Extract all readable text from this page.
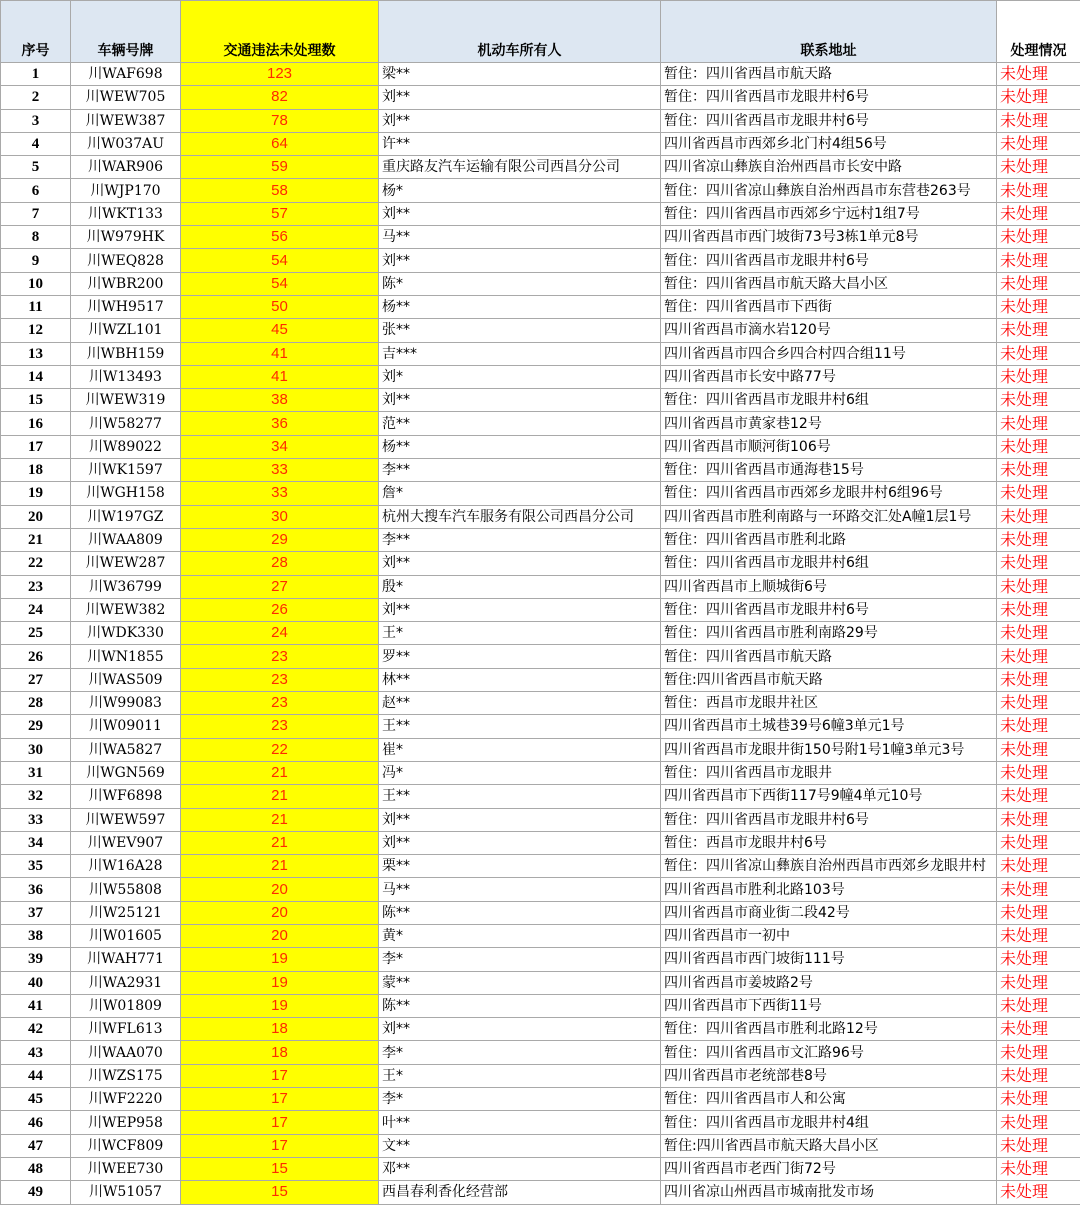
序号	车辆号牌	交通违法未处理数	机动车所有人	联系地址	处理情况
1	川WAF698	123	梁**	暂住：四川省西昌市航天路	未处理
2	川WEW705	82	刘**	暂住：四川省西昌市龙眼井村6号	未处理
3	川WEW387	78	刘**	暂住：四川省西昌市龙眼井村6号	未处理
4	川W037AU	64	许**	四川省西昌市西郊乡北门村4组56号	未处理
5	川WAR906	59	重庆路友汽车运输有限公司西昌分公司	四川省凉山彝族自治州西昌市长安中路	未处理
6	川WJP170	58	杨*	暂住：四川省凉山彝族自治州西昌市东营巷263号	未处理
7	川WKT133	57	刘**	暂住：四川省西昌市西郊乡宁远村1组7号	未处理
8	川W979HK	56	马**	四川省西昌市西门坡街73号3栋1单元8号	未处理
9	川WEQ828	54	刘**	暂住：四川省西昌市龙眼井村6号	未处理
10	川WBR200	54	陈*	暂住：四川省西昌市航天路大昌小区	未处理
11	川WH9517	50	杨**	暂住：四川省西昌市下西街	未处理
12	川WZL101	45	张**	四川省西昌市滴水岩120号	未处理
13	川WBH159	41	吉***	四川省西昌市四合乡四合村四合组11号	未处理
14	川W13493	41	刘*	四川省西昌市长安中路77号	未处理
15	川WEW319	38	刘**	暂住：四川省西昌市龙眼井村6组	未处理
16	川W58277	36	范**	四川省西昌市黄家巷12号	未处理
17	川W89022	34	杨**	四川省西昌市顺河街106号	未处理
18	川WK1597	33	李**	暂住：四川省西昌市通海巷15号	未处理
19	川WGH158	33	詹*	暂住：四川省西昌市西郊乡龙眼井村6组96号	未处理
20	川W197GZ	30	杭州大搜车汽车服务有限公司西昌分公司	四川省西昌市胜利南路与一环路交汇处A幢1层1号	未处理
21	川WAA809	29	李**	暂住：四川省西昌市胜利北路	未处理
22	川WEW287	28	刘**	暂住：四川省西昌市龙眼井村6组	未处理
23	川W36799	27	殷*	四川省西昌市上顺城街6号	未处理
24	川WEW382	26	刘**	暂住：四川省西昌市龙眼井村6号	未处理
25	川WDK330	24	王*	暂住：四川省西昌市胜利南路29号	未处理
26	川WN1855	23	罗**	暂住：四川省西昌市航天路	未处理
27	川WAS509	23	林**	暂住:四川省西昌市航天路	未处理
28	川W99083	23	赵**	暂住：西昌市龙眼井社区	未处理
29	川W09011	23	王**	四川省西昌市土城巷39号6幢3单元1号	未处理
30	川WA5827	22	崔*	四川省西昌市龙眼井街150号附1号1幢3单元3号	未处理
31	川WGN569	21	冯*	暂住：四川省西昌市龙眼井	未处理
32	川WF6898	21	王**	四川省西昌市下西街117号9幢4单元10号	未处理
33	川WEW597	21	刘**	暂住：四川省西昌市龙眼井村6号	未处理
34	川WEV907	21	刘**	暂住：西昌市龙眼井村6号	未处理
35	川W16A28	21	栗**	暂住：四川省凉山彝族自治州西昌市西郊乡龙眼井村	未处理
36	川W55808	20	马**	四川省西昌市胜利北路103号	未处理
37	川W25121	20	陈**	四川省西昌市商业街二段42号	未处理
38	川W01605	20	黄*	四川省西昌市一初中	未处理
39	川WAH771	19	李*	四川省西昌市西门坡街111号	未处理
40	川WA2931	19	蒙**	四川省西昌市姜坡路2号	未处理
41	川W01809	19	陈**	四川省西昌市下西街11号	未处理
42	川WFL613	18	刘**	暂住：四川省西昌市胜利北路12号	未处理
43	川WAA070	18	李*	暂住：四川省西昌市文汇路96号	未处理
44	川WZS175	17	王*	四川省西昌市老统部巷8号	未处理
45	川WF2220	17	李*	暂住：四川省西昌市人和公寓	未处理
46	川WEP958	17	叶**	暂住：四川省西昌市龙眼井村4组	未处理
47	川WCF809	17	文**	暂住:四川省西昌市航天路大昌小区	未处理
48	川WEE730	15	邓**	四川省西昌市老西门街72号	未处理
49	川W51057	15	西昌春利香化经营部	四川省凉山州西昌市城南批发市场	未处理
